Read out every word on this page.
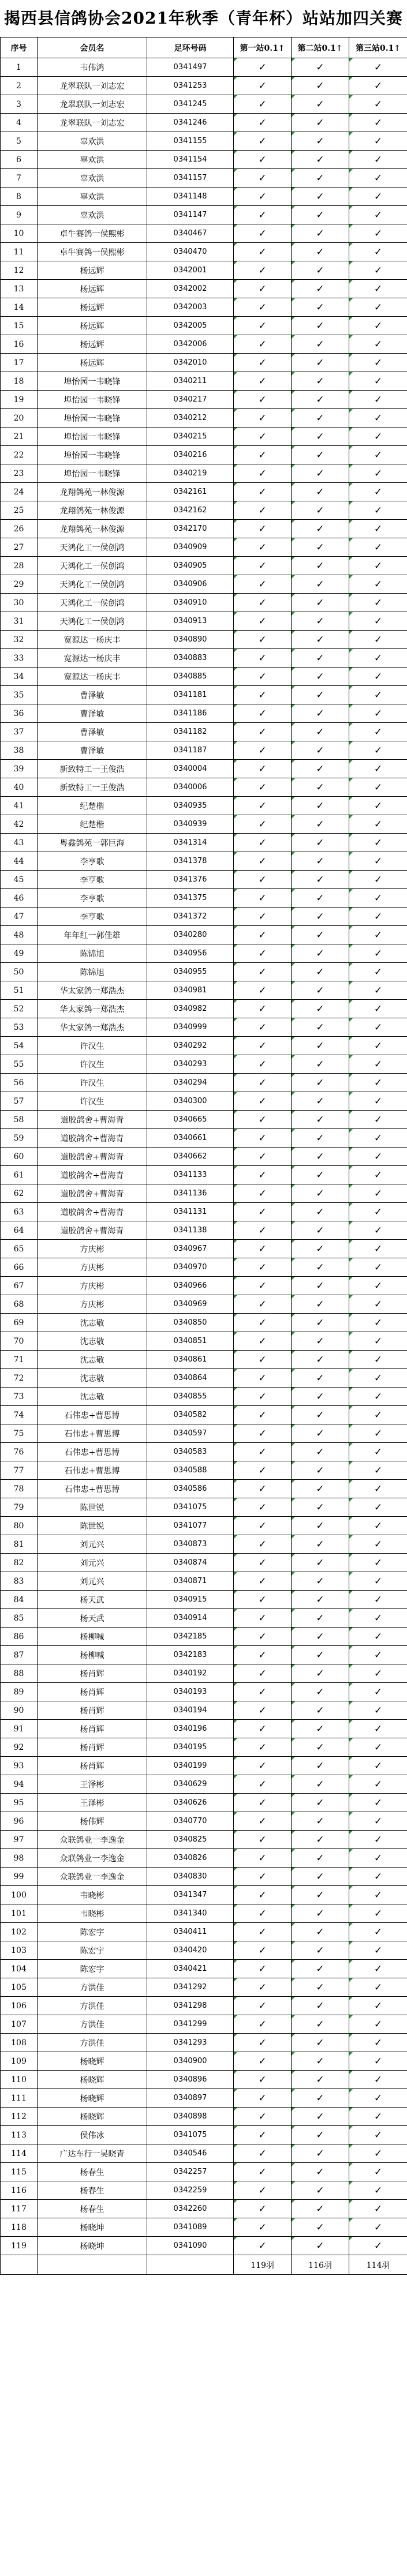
揭西县信鸽协会2021年秋季（青年杯）站站加四关赛
序号	会员名	足环号码	第一站0.1↑	第二站0.1↑	第三站0.1↑
1	韦伟鸿	0341497	✓	✓	✓
2	龙翠联队一刘志宏	0341253	✓	✓	✓
3	龙翠联队一刘志宏	0341245	✓	✓	✓
4	龙翠联队一刘志宏	0341246	✓	✓	✓
5	辜欢洪	0341155	✓	✓	✓
6	辜欢洪	0341154	✓	✓	✓
7	辜欢洪	0341157	✓	✓	✓
8	辜欢洪	0341148	✓	✓	✓
9	辜欢洪	0341147	✓	✓	✓
10	卓牛赛鸽一侯熙彬	0340467	✓	✓	✓
11	卓牛赛鸽一侯熙彬	0340470	✓	✓	✓
12	杨远辉	0342001	✓	✓	✓
13	杨远辉	0342002	✓	✓	✓
14	杨远辉	0342003	✓	✓	✓
15	杨远辉	0342005	✓	✓	✓
16	杨远辉	0342006	✓	✓	✓
17	杨远辉	0342010	✓	✓	✓
18	埠怡园一韦晓锋	0340211	✓	✓	✓
19	埠怡园一韦晓锋	0340217	✓	✓	✓
20	埠怡园一韦晓锋	0340212	✓	✓	✓
21	埠怡园一韦晓锋	0340215	✓	✓	✓
22	埠怡园一韦晓锋	0340216	✓	✓	✓
23	埠怡园一韦晓锋	0340219	✓	✓	✓
24	龙翔鸽苑一林俊源	0342161	✓	✓	✓
25	龙翔鸽苑一林俊源	0342162	✓	✓	✓
26	龙翔鸽苑一林俊源	0342170	✓	✓	✓
27	天鸿化工一侯创鸿	0340909	✓	✓	✓
28	天鸿化工一侯创鸿	0340905	✓	✓	✓
29	天鸿化工一侯创鸿	0340906	✓	✓	✓
30	天鸿化工一侯创鸿	0340910	✓	✓	✓
31	天鸿化工一侯创鸿	0340913	✓	✓	✓
32	宽源达一杨庆丰	0340890	✓	✓	✓
33	宽源达一杨庆丰	0340883	✓	✓	✓
34	宽源达一杨庆丰	0340885	✓	✓	✓
35	曹泽敏	0341181	✓	✓	✓
36	曹泽敏	0341186	✓	✓	✓
37	曹泽敏	0341182	✓	✓	✓
38	曹泽敏	0341187	✓	✓	✓
39	新致特工一王俊浩	0340004	✓	✓	✓
40	新致特工一王俊浩	0340006	✓	✓	✓
41	纪楚楷	0340935	✓	✓	✓
42	纪楚楷	0340939	✓	✓	✓
43	粤鑫鸽苑一郭巨海	0341314	✓	✓	✓
44	李亨歌	0341378	✓	✓	✓
45	李亨歌	0341376	✓	✓	✓
46	李亨歌	0341375	✓	✓	✓
47	李亨歌	0341372	✓	✓	✓
48	年年红一郭佳雄	0340280	✓	✓	✓
49	陈锦旭	0340956	✓	✓	✓
50	陈锦旭	0340955	✓	✓	✓
51	华太家鸽一郑浩杰	0340981	✓	✓	✓
52	华太家鸽一郑浩杰	0340982	✓	✓	✓
53	华太家鸽一郑浩杰	0340999	✓	✓	✓
54	许汉生	0340292	✓	✓	✓
55	许汉生	0340293	✓	✓	✓
56	许汉生	0340294	✓	✓	✓
57	许汉生	0340300	✓	✓	✓
58	道胶鸽舍+曹海青	0340665	✓	✓	✓
59	道胶鸽舍+曹海青	0340661	✓	✓	✓
60	道胶鸽舍+曹海青	0340662	✓	✓	✓
61	道胶鸽舍+曹海青	0341133	✓	✓	✓
62	道胶鸽舍+曹海青	0341136	✓	✓	✓
63	道胶鸽舍+曹海青	0341131	✓	✓	✓
64	道胶鸽舍+曹海青	0341138	✓	✓	✓
65	方庆彬	0340967	✓	✓	✓
66	方庆彬	0340970	✓	✓	✓
67	方庆彬	0340966	✓	✓	✓
68	方庆彬	0340969	✓	✓	✓
69	沈志敬	0340850	✓	✓	✓
70	沈志敬	0340851	✓	✓	✓
71	沈志敬	0340861	✓	✓	✓
72	沈志敬	0340864	✓	✓	✓
73	沈志敬	0340855	✓	✓	✓
74	石伟忠+曹思博	0340582	✓	✓	✓
75	石伟忠+曹思博	0340597	✓	✓	✓
76	石伟忠+曹思博	0340583	✓	✓	✓
77	石伟忠+曹思博	0340588	✓	✓	✓
78	石伟忠+曹思博	0340586	✓	✓	✓
79	陈世锐	0341075	✓	✓	✓
80	陈世锐	0341077	✓	✓	✓
81	刘元兴	0340873	✓	✓	✓
82	刘元兴	0340874	✓	✓	✓
83	刘元兴	0340871	✓	✓	✓
84	杨天武	0340915	✓	✓	✓
85	杨天武	0340914	✓	✓	✓
86	杨柳喊	0342185	✓	✓	✓
87	杨柳喊	0342183	✓	✓	✓
88	杨肖辉	0340192	✓	✓	✓
89	杨肖辉	0340193	✓	✓	✓
90	杨肖辉	0340194	✓	✓	✓
91	杨肖辉	0340196	✓	✓	✓
92	杨肖辉	0340195	✓	✓	✓
93	杨肖辉	0340199	✓	✓	✓
94	王泽彬	0340629	✓	✓	✓
95	王泽彬	0340626	✓	✓	✓
96	杨伟辉	0340770	✓	✓	✓
97	众联鸽业一李逸金	0340825	✓	✓	✓
98	众联鸽业一李逸金	0340826	✓	✓	✓
99	众联鸽业一李逸金	0340830	✓	✓	✓
100	韦晓彬	0341347	✓	✓	✓
101	韦晓彬	0341340	✓	✓	✓
102	陈宏宇	0340411	✓	✓	✓
103	陈宏宇	0340420	✓	✓	✓
104	陈宏宇	0340421	✓	✓	✓
105	方洪佳	0341292	✓	✓	✓
106	方洪佳	0341298	✓	✓	✓
107	方洪佳	0341299	✓	✓	✓
108	方洪佳	0341293	✓	✓	✓
109	杨晓辉	0340900	✓	✓	✓
110	杨晓辉	0340896	✓	✓	✓
111	杨晓辉	0340897	✓	✓	✓
112	杨晓辉	0340898	✓	✓	✓
113	侯伟冰	0341075	✓	✓	✓
114	广达车行一吴晓青	0340546	✓	✓	✓
115	杨春生	0342257	✓	✓	✓
116	杨春生	0342259	✓	✓	✓
117	杨春生	0342260	✓	✓	✓
118	杨晓坤	0341089	✓	✓	✓
119	杨晓坤	0341090	✓	✓	✓
			119羽	116羽	114羽
